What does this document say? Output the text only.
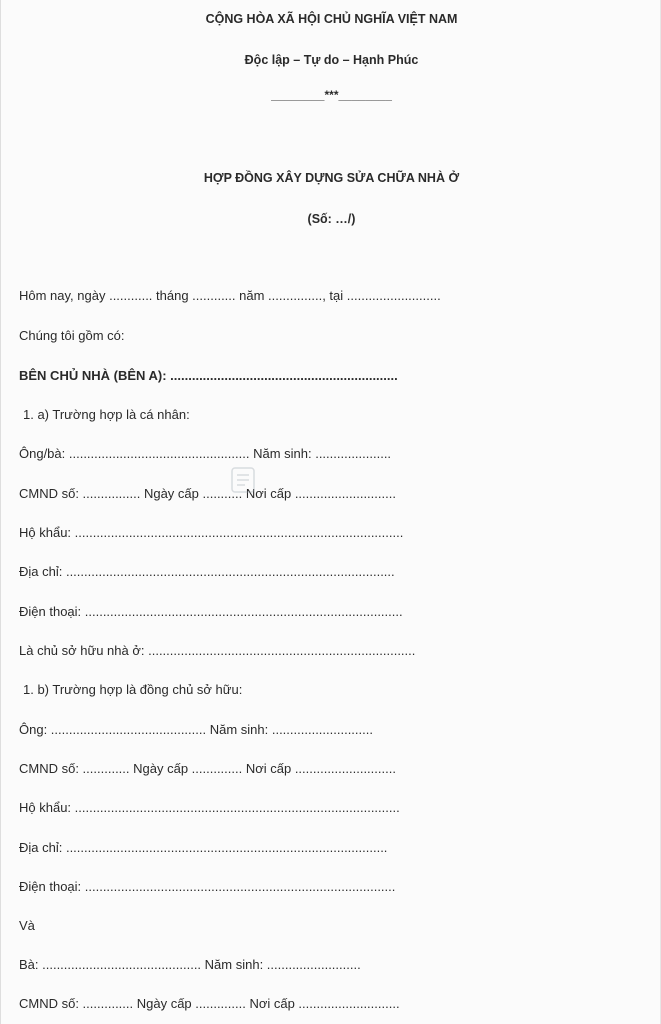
CỘNG HÒA XÃ HỘI CHỦ NGHĨA VIỆT NAM
Độc lập – Tự do – Hạnh Phúc
________***________
HỢP ĐỒNG XÂY DỰNG SỬA CHỮA NHÀ Ở
(Số: …/)
Hôm nay, ngày ............ tháng ............ năm ..............., tại ..........................
Chúng tôi gồm có:
BÊN CHỦ NHÀ (BÊN A): ...............................................................
1. a) Trường hợp là cá nhân:
Ông/bà: .................................................. Năm sinh: .....................
CMND số: ................ Ngày cấp ........... Nơi cấp ............................
Hộ khẩu: ...........................................................................................
Địa chỉ: ...........................................................................................
Điện thoại: ........................................................................................
Là chủ sở hữu nhà ở: ..........................................................................
1. b) Trường hợp là đồng chủ sở hữu:
Ông: ........................................... Năm sinh: ............................
CMND số: ............. Ngày cấp .............. Nơi cấp ............................
Hộ khẩu: ..........................................................................................
Địa chỉ: .........................................................................................
Điện thoại: ......................................................................................
Và
Bà: ............................................ Năm sinh: ..........................
CMND số: .............. Ngày cấp .............. Nơi cấp ............................
